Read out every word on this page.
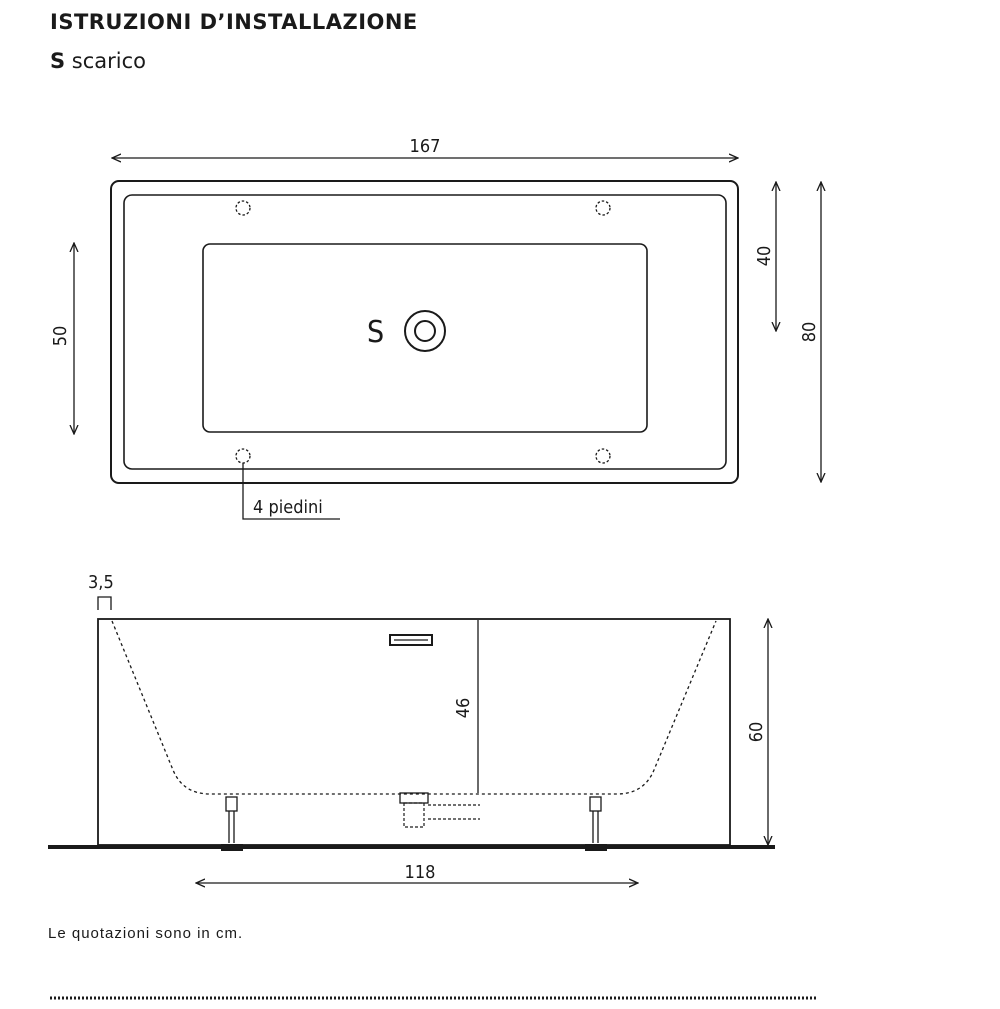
ISTRUZIONI D’INSTALLAZIONE
S scarico
S
167
50
40
80
4 piedini
3,5
46
60
118
Le quotazioni sono in cm.
